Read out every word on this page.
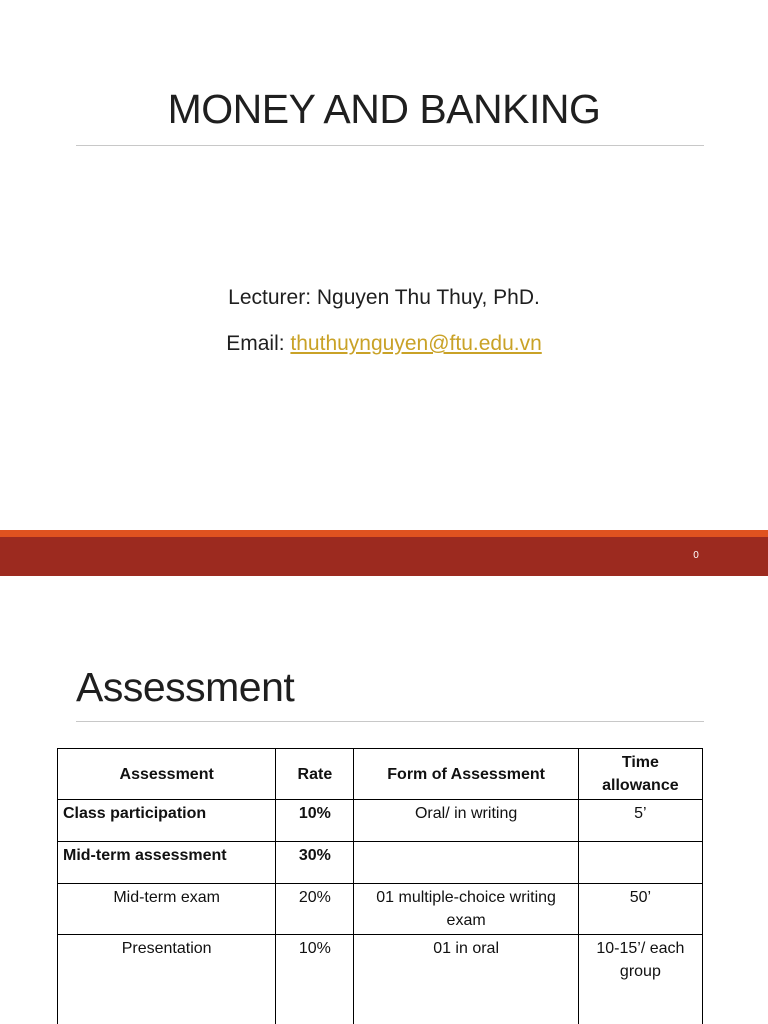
MONEY AND BANKING
Lecturer: Nguyen Thu Thuy, PhD.
Email: thuthuynguyen@ftu.edu.vn
0
Assessment
Assessment	Rate	Form of Assessment	Time allowance
Class participation	10%	Oral/ in writing	5’
Mid-term assessment	30%		
Mid-term exam	20%	01 multiple-choice writing exam	50’
Presentation	10%	01 in oral	10-15’/ each group
